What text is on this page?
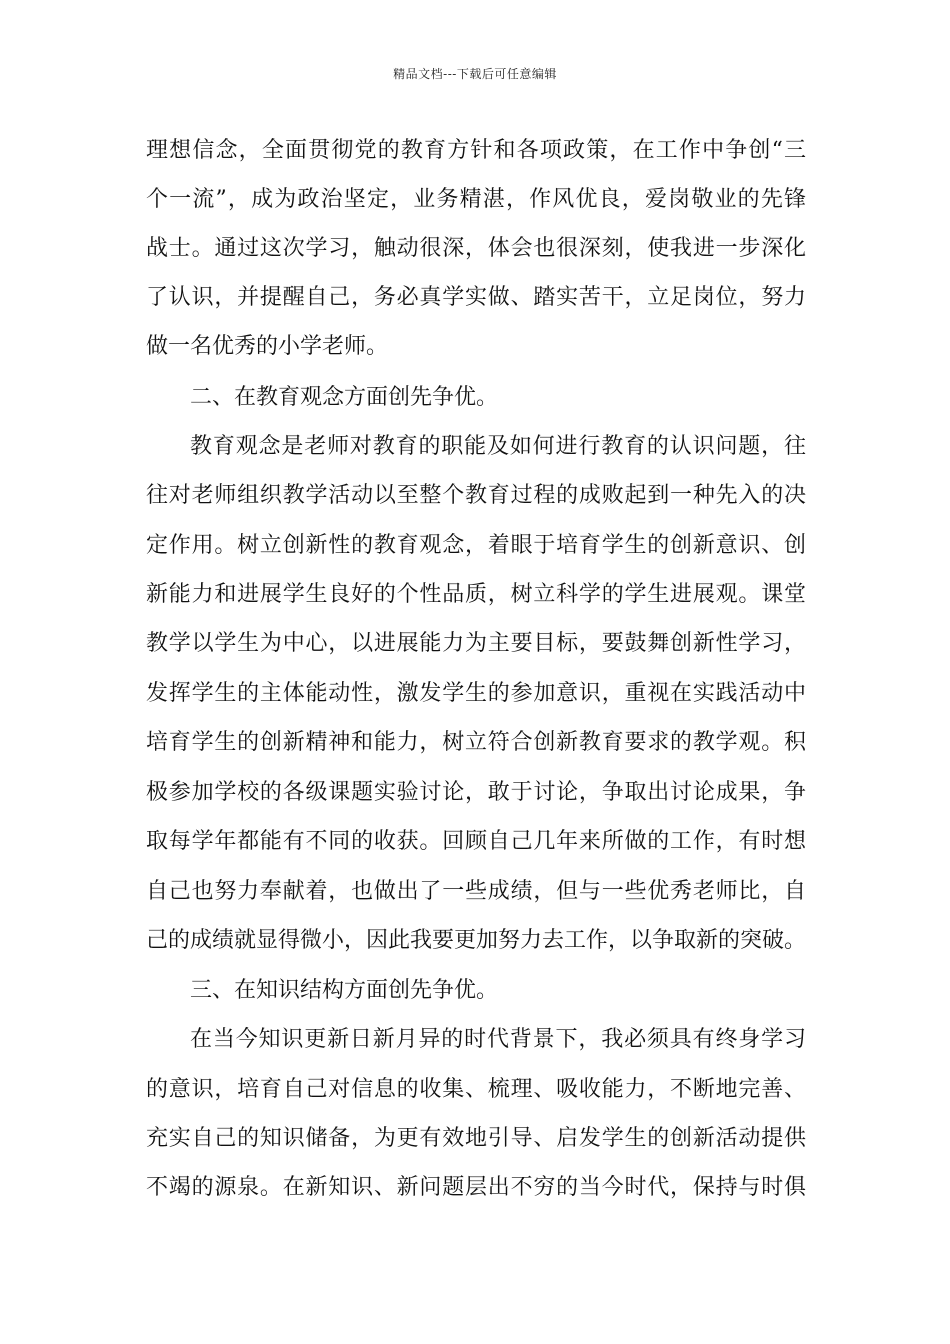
精品文档---下载后可任意编辑
理想信念，全面贯彻党的教育方针和各项政策，在工作中争创“三
个一流”，成为政治坚定，业务精湛，作风优良，爱岗敬业的先锋
战士。通过这次学习，触动很深，体会也很深刻，使我进一步深化
了认识，并提醒自己，务必真学实做、踏实苦干，立足岗位，努力
做一名优秀的小学老师。
二、在教育观念方面创先争优。
教育观念是老师对教育的职能及如何进行教育的认识问题，往
往对老师组织教学活动以至整个教育过程的成败起到一种先入的决
定作用。树立创新性的教育观念，着眼于培育学生的创新意识、创
新能力和进展学生良好的个性品质，树立科学的学生进展观。课堂
教学以学生为中心，以进展能力为主要目标，要鼓舞创新性学习，
发挥学生的主体能动性，激发学生的参加意识，重视在实践活动中
培育学生的创新精神和能力，树立符合创新教育要求的教学观。积
极参加学校的各级课题实验讨论，敢于讨论，争取出讨论成果，争
取每学年都能有不同的收获。回顾自己几年来所做的工作，有时想
自己也努力奉献着，也做出了一些成绩，但与一些优秀老师比，自
己的成绩就显得微小，因此我要更加努力去工作，以争取新的突破。
三、在知识结构方面创先争优。
在当今知识更新日新月异的时代背景下，我必须具有终身学习
的意识，培育自己对信息的收集、梳理、吸收能力，不断地完善、
充实自己的知识储备，为更有效地引导、启发学生的创新活动提供
不竭的源泉。在新知识、新问题层出不穷的当今时代，保持与时俱
